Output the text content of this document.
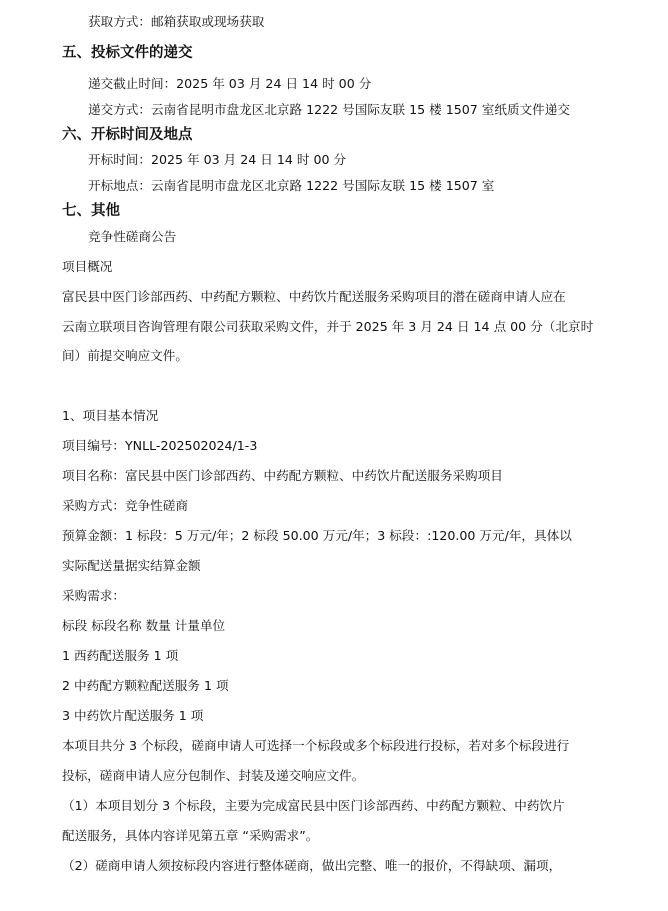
获取方式：邮箱获取或现场获取
五、投标文件的递交
递交截止时间：2025 年 03 月 24 日 14 时 00 分
递交方式：云南省昆明市盘龙区北京路 1222 号国际友联 15 楼 1507 室纸质文件递交
六、开标时间及地点
开标时间：2025 年 03 月 24 日 14 时 00 分
开标地点：云南省昆明市盘龙区北京路 1222 号国际友联 15 楼 1507 室
七、其他
竞争性磋商公告
项目概况
富民县中医门诊部西药、中药配方颗粒、中药饮片配送服务采购项目的潜在磋商申请人应在
云南立联项目咨询管理有限公司获取采购文件，并于 2025 年 3 月 24 日 14 点 00 分（北京时
间）前提交响应文件。
1、项目基本情况
项目编号：YNLL-202502024/1-3
项目名称：富民县中医门诊部西药、中药配方颗粒、中药饮片配送服务采购项目
采购方式：竞争性磋商
预算金额：1 标段：5 万元/年；2 标段 50.00 万元/年；3 标段：:120.00 万元/年，具体以
实际配送量据实结算金额
采购需求：
标段 标段名称 数量 计量单位
1 西药配送服务 1 项
2 中药配方颗粒配送服务 1 项
3 中药饮片配送服务 1 项
本项目共分 3 个标段，磋商申请人可选择一个标段或多个标段进行投标，若对多个标段进行
投标，磋商申请人应分包制作、封装及递交响应文件。
（1）本项目划分 3 个标段，主要为完成富民县中医门诊部西药、中药配方颗粒、中药饮片
配送服务，具体内容详见第五章 “采购需求”。
（2）磋商申请人须按标段内容进行整体磋商，做出完整、唯一的报价，不得缺项、漏项，
